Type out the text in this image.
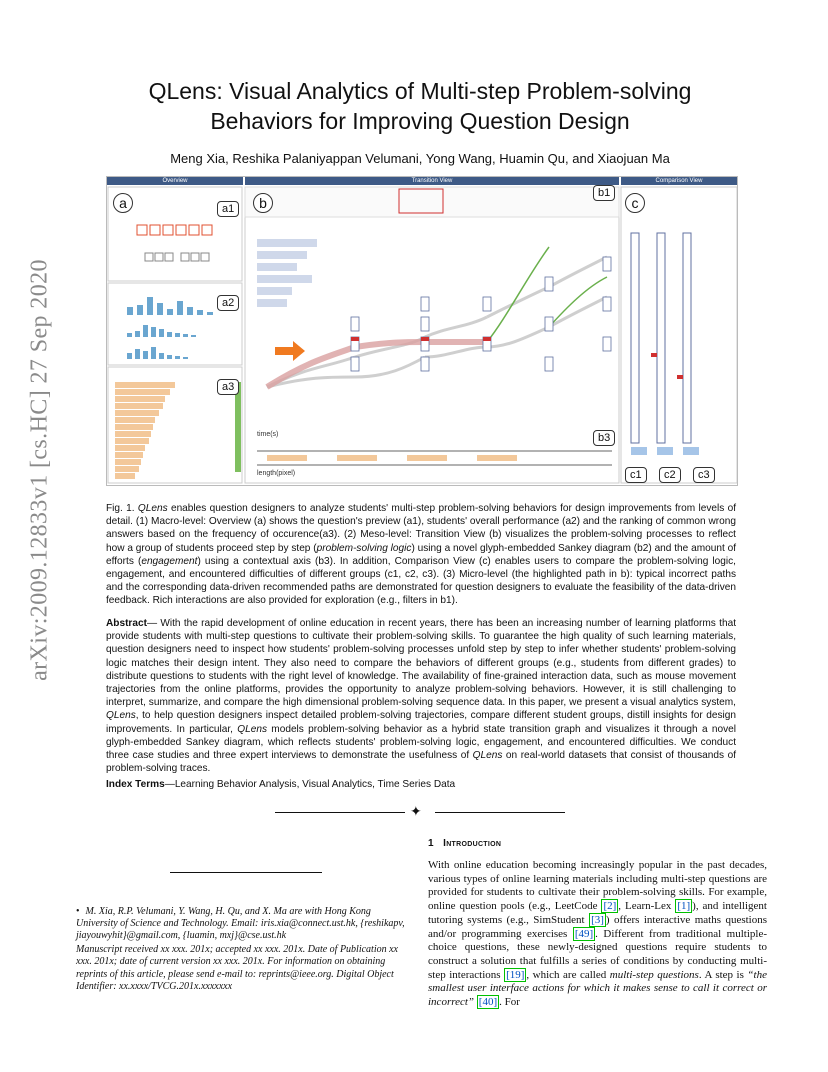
arXiv:2009.12833v1 [cs.HC] 27 Sep 2020
QLens: Visual Analytics of Multi-step Problem-solving
Behaviors for Improving Question Design
Meng Xia, Reshika Palaniyappan Velumani, Yong Wang, Huamin Qu, and Xiaojuan Ma
Overview	Transition View	Comparison View
a	a1
a2
a3
b
b1
b3
c
c1	c2	c3
time(s)
length(pixel)
Fig. 1. QLens enables question designers to analyze students' multi-step problem-solving behaviors for design improvements from levels of detail. (1) Macro-level: Overview (a) shows the question's preview (a1), students' overall performance (a2) and the ranking of common wrong answers based on the frequency of occurence(a3). (2) Meso-level: Transition View (b) visualizes the problem-solving processes to reflect how a group of students proceed step by step (problem-solving logic) using a novel glyph-embedded Sankey diagram (b2) and the amount of efforts (engagement) using a contextual axis (b3). In addition, Comparison View (c) enables users to compare the problem-solving logic, engagement, and encountered difficulties of different groups (c1, c2, c3). (3) Micro-level (the highlighted path in b): typical incorrect paths and the corresponding data-driven recommended paths are demonstrated for question designers to evaluate the feasibility of the data-driven feedback. Rich interactions are also provided for exploration (e.g., filters in b1).
Abstract— With the rapid development of online education in recent years, there has been an increasing number of learning platforms that provide students with multi-step questions to cultivate their problem-solving skills. To guarantee the high quality of such learning materials, question designers need to inspect how students' problem-solving processes unfold step by step to infer whether students' problem-solving logic matches their design intent. They also need to compare the behaviors of different groups (e.g., students from different grades) to distribute questions to students with the right level of knowledge. The availability of fine-grained interaction data, such as mouse movement trajectories from the online platforms, provides the opportunity to analyze problem-solving behaviors. However, it is still challenging to interpret, summarize, and compare the high dimensional problem-solving sequence data. In this paper, we present a visual analytics system, QLens, to help question designers inspect detailed problem-solving trajectories, compare different student groups, distill insights for design improvements. In particular, QLens models problem-solving behavior as a hybrid state transition graph and visualizes it through a novel glyph-embedded Sankey diagram, which reflects students' problem-solving logic, engagement, and encountered difficulties. We conduct three case studies and three expert interviews to demonstrate the usefulness of QLens on real-world datasets that consist of thousands of problem-solving traces.
Index Terms—Learning Behavior Analysis, Visual Analytics, Time Series Data
✦
1 Introduction
With online education becoming increasingly popular in the past decades, various types of online learning materials including multi-step questions are provided for students to cultivate their problem-solving skills. For example, online question pools (e.g., LeetCode [2] , Learn-Lex [1] ), and intelligent tutoring systems (e.g., SimStudent [3] ) offers interactive maths questions and/or programming exercises [49] . Different from traditional multiple-choice questions, these newly-designed questions require students to construct a solution that fulfills a series of conditions by conducting multi-step interactions [19] , which are called multi-step questions. A step is “the smallest user interface actions for which it makes sense to call it correct or incorrect” [40] . For
• M. Xia, R.P. Velumani, Y. Wang, H. Qu, and X. Ma are with Hong Kong University of Science and Technology. Email: iris.xia@connect.ust.hk, {reshikapv, jiayouwyhit}@gmail.com, {luamin, mxj}@cse.ust.hk
Manuscript received xx xxx. 201x; accepted xx xxx. 201x. Date of Publication xx xxx. 201x; date of current version xx xxx. 201x. For information on obtaining reprints of this article, please send e-mail to: reprints@ieee.org. Digital Object Identifier: xx.xxxx/TVCG.201x.xxxxxxx
